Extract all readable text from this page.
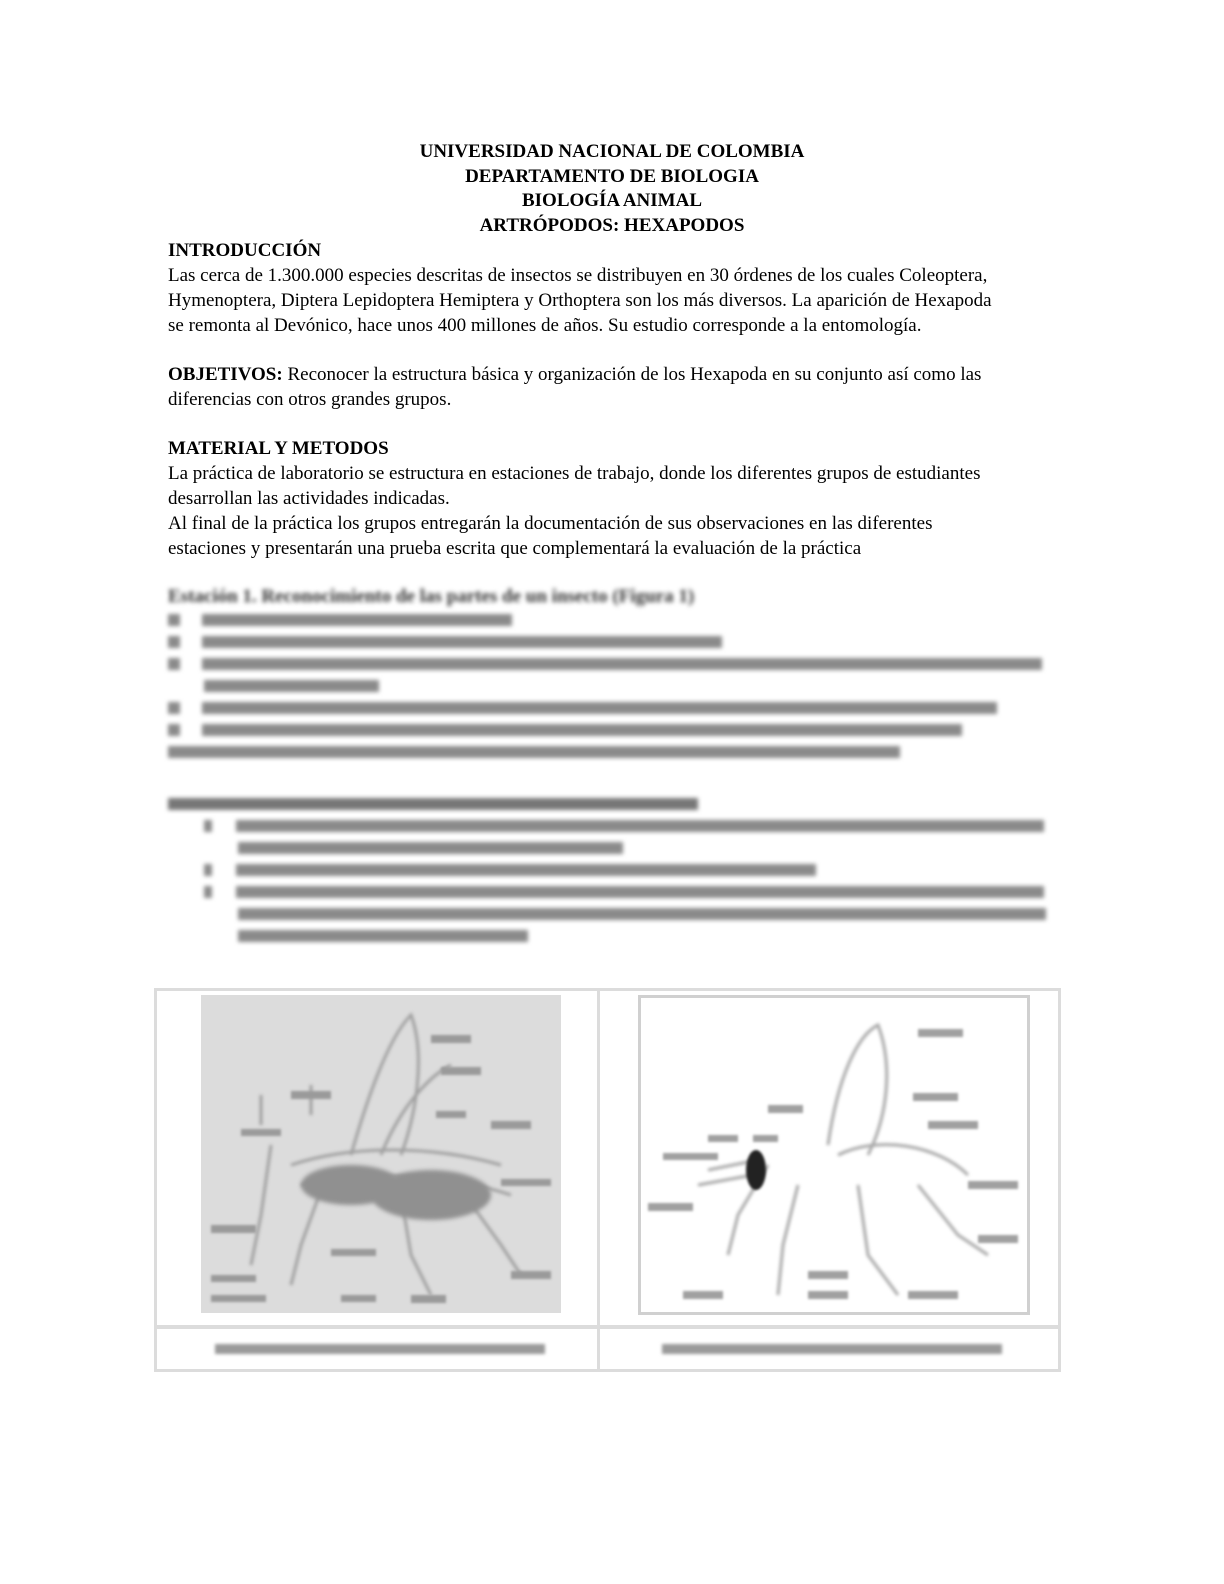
UNIVERSIDAD NACIONAL DE COLOMBIA
DEPARTAMENTO DE BIOLOGIA
BIOLOGÍA ANIMAL
ARTRÓPODOS: HEXAPODOS
INTRODUCCIÓN
Las cerca de 1.300.000 especies descritas de insectos se distribuyen en 30 órdenes de los cuales Coleoptera,
Hymenoptera, Diptera Lepidoptera Hemiptera y Orthoptera son los más diversos. La aparición de Hexapoda
se remonta al Devónico, hace unos 400 millones de años. Su estudio corresponde a la entomología.
OBJETIVOS: Reconocer la estructura básica y organización de los Hexapoda en su conjunto así como las
diferencias con otros grandes grupos.
MATERIAL Y METODOS
La práctica de laboratorio se estructura en estaciones de trabajo, donde los diferentes grupos de estudiantes
desarrollan las actividades indicadas.
Al final de la práctica los grupos entregarán la documentación de sus observaciones en las diferentes
estaciones y presentarán una prueba escrita que complementará la evaluación de la práctica
Estación 1. Reconocimiento de las partes de un insecto (Figura 1)
